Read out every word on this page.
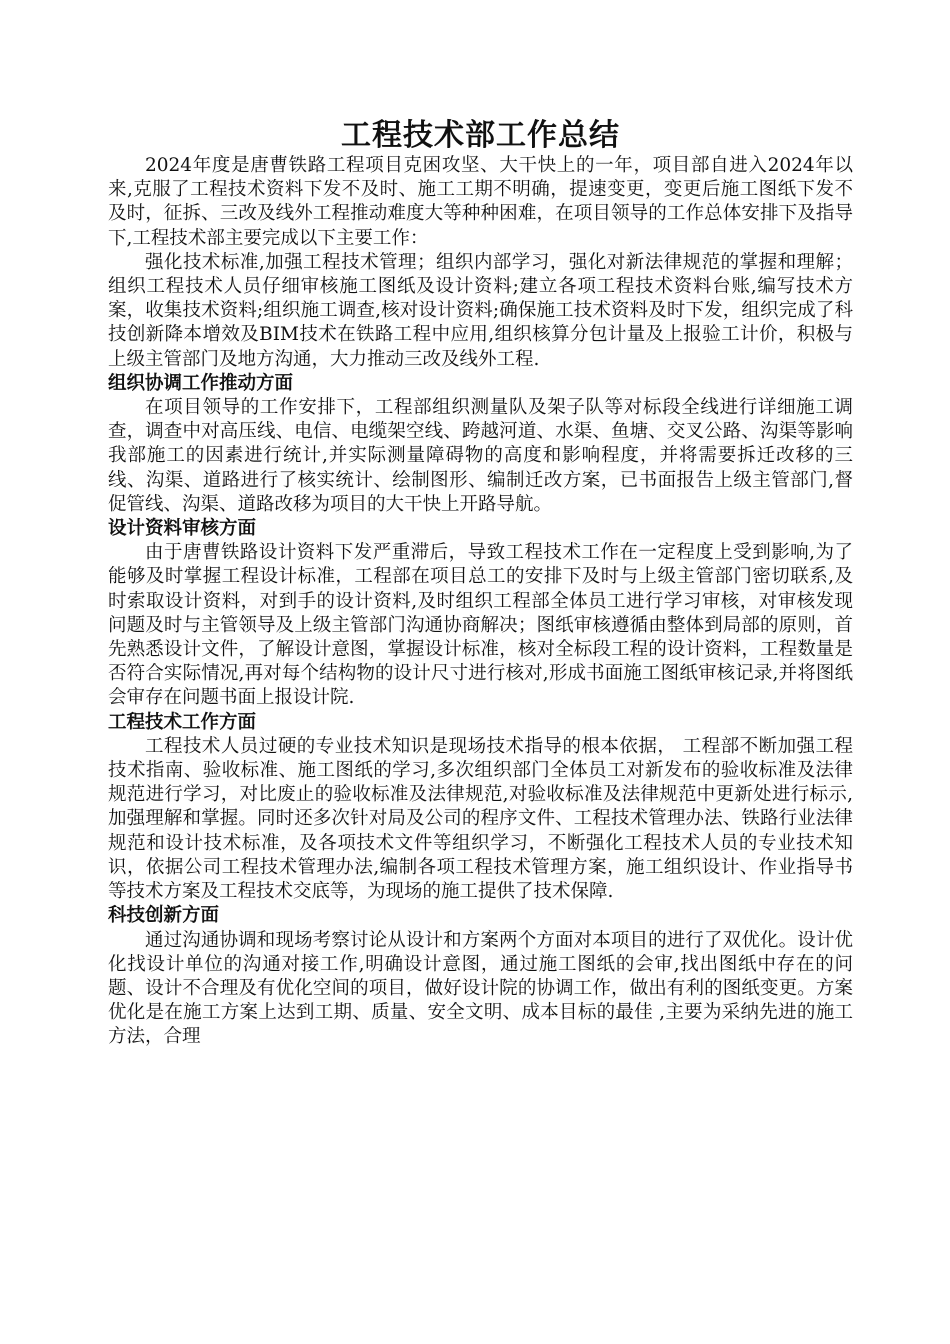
工程技术部工作总结

2024年度是唐曹铁路工程项目克困攻坚、大干快上的一年，项目部自进入2024年以来,克服了工程技术资料下发不及时、施工工期不明确，提速变更，变更后施工图纸下发不及时，征拆、三改及线外工程推动难度大等种种困难，在项目领导的工作总体安排下及指导下,工程技术部主要完成以下主要工作：

强化技术标准,加强工程技术管理；组织内部学习，强化对新法律规范的掌握和理解；组织工程技术人员仔细审核施工图纸及设计资料;建立各项工程技术资料台账,编写技术方案，收集技术资料;组织施工调查,核对设计资料;确保施工技术资料及时下发，组织完成了科技创新降本增效及BIM技术在铁路工程中应用,组织核算分包计量及上报验工计价，积极与上级主管部门及地方沟通，大力推动三改及线外工程.

组织协调工作推动方面

在项目领导的工作安排下，工程部组织测量队及架子队等对标段全线进行详细施工调查，调查中对高压线、电信、电缆架空线、跨越河道、水渠、鱼塘、交叉公路、沟渠等影响我部施工的因素进行统计,并实际测量障碍物的高度和影响程度，并将需要拆迁改移的三线、沟渠、道路进行了核实统计、绘制图形、编制迁改方案，已书面报告上级主管部门,督促管线、沟渠、道路改移为项目的大干快上开路导航。

设计资料审核方面

由于唐曹铁路设计资料下发严重滞后，导致工程技术工作在一定程度上受到影响,为了能够及时掌握工程设计标准，工程部在项目总工的安排下及时与上级主管部门密切联系,及时索取设计资料，对到手的设计资料,及时组织工程部全体员工进行学习审核，对审核发现问题及时与主管领导及上级主管部门沟通协商解决；图纸审核遵循由整体到局部的原则，首先熟悉设计文件，了解设计意图，掌握设计标准，核对全标段工程的设计资料，工程数量是否符合实际情况,再对每个结构物的设计尺寸进行核对,形成书面施工图纸审核记录,并将图纸会审存在问题书面上报设计院.

工程技术工作方面

工程技术人员过硬的专业技术知识是现场技术指导的根本依据， 工程部不断加强工程技术指南、验收标准、施工图纸的学习,多次组织部门全体员工对新发布的验收标准及法律规范进行学习，对比废止的验收标准及法律规范,对验收标准及法律规范中更新处进行标示,加强理解和掌握。同时还多次针对局及公司的程序文件、工程技术管理办法、铁路行业法律规范和设计技术标准，及各项技术文件等组织学习，不断强化工程技术人员的专业技术知识，依据公司工程技术管理办法,编制各项工程技术管理方案，施工组织设计、作业指导书等技术方案及工程技术交底等，为现场的施工提供了技术保障.

科技创新方面

通过沟通协调和现场考察讨论从设计和方案两个方面对本项目的进行了双优化。设计优化找设计单位的沟通对接工作,明确设计意图，通过施工图纸的会审,找出图纸中存在的问题、设计不合理及有优化空间的项目，做好设计院的协调工作，做出有利的图纸变更。方案优化是在施工方案上达到工期、质量、安全文明、成本目标的最佳 ,主要为采纳先进的施工方法，合理
